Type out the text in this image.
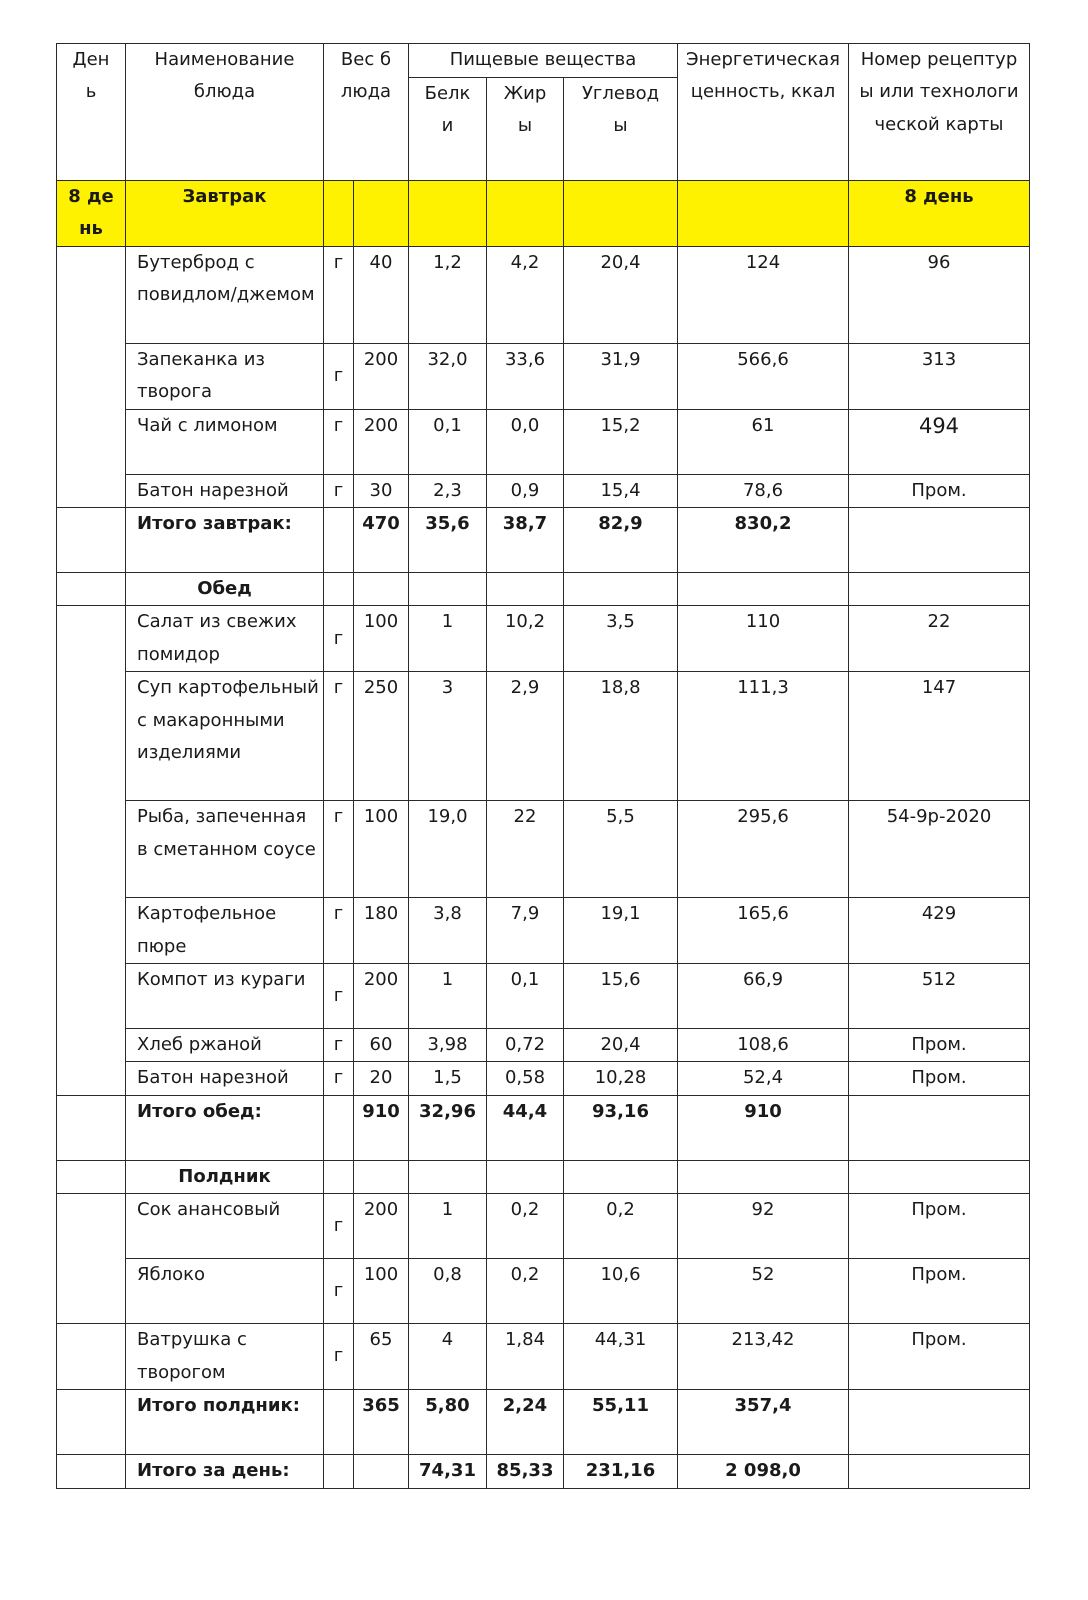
День	Наименование блюда	Вес блюда		Пищевые вещества			Энергетическая ценность, ккал	Номер рецептуры или технологической карты
				Белки	Жиры	Углеводы		
8 день	Завтрак							8 день
	Бутерброд с повидлом/джемом	г	40	1,2	4,2	20,4	124	96
	Запеканка из творога	г	200	32,0	33,6	31,9	566,6	313
	Чай с лимоном	г	200	0,1	0,0	15,2	61	494
	Батон нарезной	г	30	2,3	0,9	15,4	78,6	Пром.
	Итого завтрак:		470	35,6	38,7	82,9	830,2	
	Обед							
	Салат из свежих помидор	г	100	1	10,2	3,5	110	22
	Суп картофельный с макаронными изделиями	г	250	3	2,9	18,8	111,3	147
	Рыба, запеченная в сметанном соусе	г	100	19,0	22	5,5	295,6	54-9р-2020
	Картофельное пюре	г	180	3,8	7,9	19,1	165,6	429
	Компот из кураги	г	200	1	0,1	15,6	66,9	512
	Хлеб ржаной	г	60	3,98	0,72	20,4	108,6	Пром.
	Батон нарезной	г	20	1,5	0,58	10,28	52,4	Пром.
	Итого обед:		910	32,96	44,4	93,16	910	
	Полдник							
	Сок анансовый	г	200	1	0,2	0,2	92	Пром.
	Яблоко	г	100	0,8	0,2	10,6	52	Пром.
	Ватрушка с творогом	г	65	4	1,84	44,31	213,42	Пром.
	Итого полдник:		365	5,80	2,24	55,11	357,4	
	Итого за день:			74,31	85,33	231,16	2 098,0	
